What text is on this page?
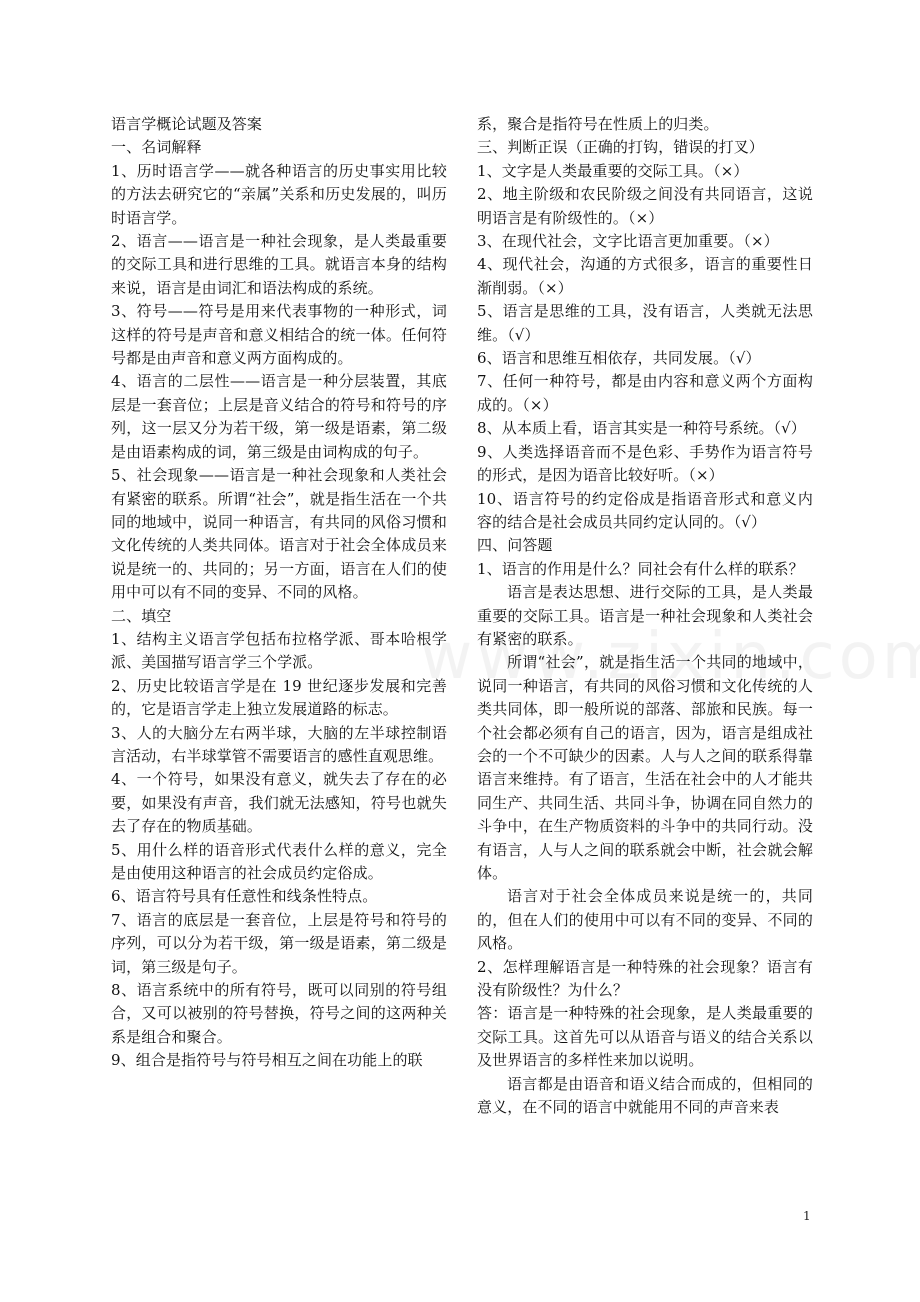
语言学概论试题及答案

一、名词解释

1、历时语言学——就各种语言的历史事实用比较的方法去研究它的“亲属”关系和历史发展的，叫历时语言学。

2、语言——语言是一种社会现象，是人类最重要的交际工具和进行思维的工具。就语言本身的结构来说，语言是由词汇和语法构成的系统。

3、符号——符号是用来代表事物的一种形式，词这样的符号是声音和意义相结合的统一体。任何符号都是由声音和意义两方面构成的。

4、语言的二层性——语言是一种分层装置，其底层是一套音位；上层是音义结合的符号和符号的序列，这一层又分为若干级，第一级是语素，第二级是由语素构成的词，第三级是由词构成的句子。

5、社会现象——语言是一种社会现象和人类社会有紧密的联系。所谓“社会”，就是指生活在一个共同的地域中，说同一种语言，有共同的风俗习惯和文化传统的人类共同体。语言对于社会全体成员来说是统一的、共同的；另一方面，语言在人们的使用中可以有不同的变异、不同的风格。

二、填空

1、结构主义语言学包括布拉格学派、哥本哈根学派、美国描写语言学三个学派。

2、历史比较语言学是在 19 世纪逐步发展和完善的，它是语言学走上独立发展道路的标志。

3、人的大脑分左右两半球，大脑的左半球控制语言活动，右半球掌管不需要语言的感性直观思维。

4、一个符号，如果没有意义，就失去了存在的必要，如果没有声音，我们就无法感知，符号也就失去了存在的物质基础。

5、用什么样的语音形式代表什么样的意义，完全是由使用这种语言的社会成员约定俗成。

6、语言符号具有任意性和线条性特点。

7、语言的底层是一套音位，上层是符号和符号的序列，可以分为若干级，第一级是语素，第二级是词，第三级是句子。

8、语言系统中的所有符号，既可以同别的符号组合，又可以被别的符号替换，符号之间的这两种关系是组合和聚合。

9、组合是指符号与符号相互之间在功能上的联

系，聚合是指符号在性质上的归类。

三、判断正误（正确的打钩，错误的打叉）

1、文字是人类最重要的交际工具。（×）

2、地主阶级和农民阶级之间没有共同语言，这说明语言是有阶级性的。（×）

3、在现代社会，文字比语言更加重要。（×）

4、现代社会，沟通的方式很多，语言的重要性日渐削弱。（×）

5、语言是思维的工具，没有语言，人类就无法思维。（√）

6、语言和思维互相依存，共同发展。（√）

7、任何一种符号，都是由内容和意义两个方面构成的。（×）

8、从本质上看，语言其实是一种符号系统。（√）

9、人类选择语音而不是色彩、手势作为语言符号的形式，是因为语音比较好听。（×）

10、语言符号的约定俗成是指语音形式和意义内容的结合是社会成员共同约定认同的。（√）

四、问答题

1、语言的作用是什么？同社会有什么样的联系？

语言是表达思想、进行交际的工具，是人类最重要的交际工具。语言是一种社会现象和人类社会有紧密的联系。

所谓“社会”，就是指生活一个共同的地域中，说同一种语言，有共同的风俗习惯和文化传统的人类共同体，即一般所说的部落、部旅和民族。每一个社会都必须有自己的语言，因为，语言是组成社会的一个不可缺少的因素。人与人之间的联系得靠语言来维持。有了语言，生活在社会中的人才能共同生产、共同生活、共同斗争，协调在同自然力的斗争中，在生产物质资料的斗争中的共同行动。没有语言，人与人之间的联系就会中断，社会就会解体。

语言对于社会全体成员来说是统一的，共同的，但在人们的使用中可以有不同的变异、不同的风格。

2、怎样理解语言是一种特殊的社会现象？语言有没有阶级性？为什么？

答：语言是一种特殊的社会现象，是人类最重要的交际工具。这首先可以从语音与语义的结合关系以及世界语言的多样性来加以说明。

语言都是由语音和语义结合而成的，但相同的意义，在不同的语言中就能用不同的声音来表

1
